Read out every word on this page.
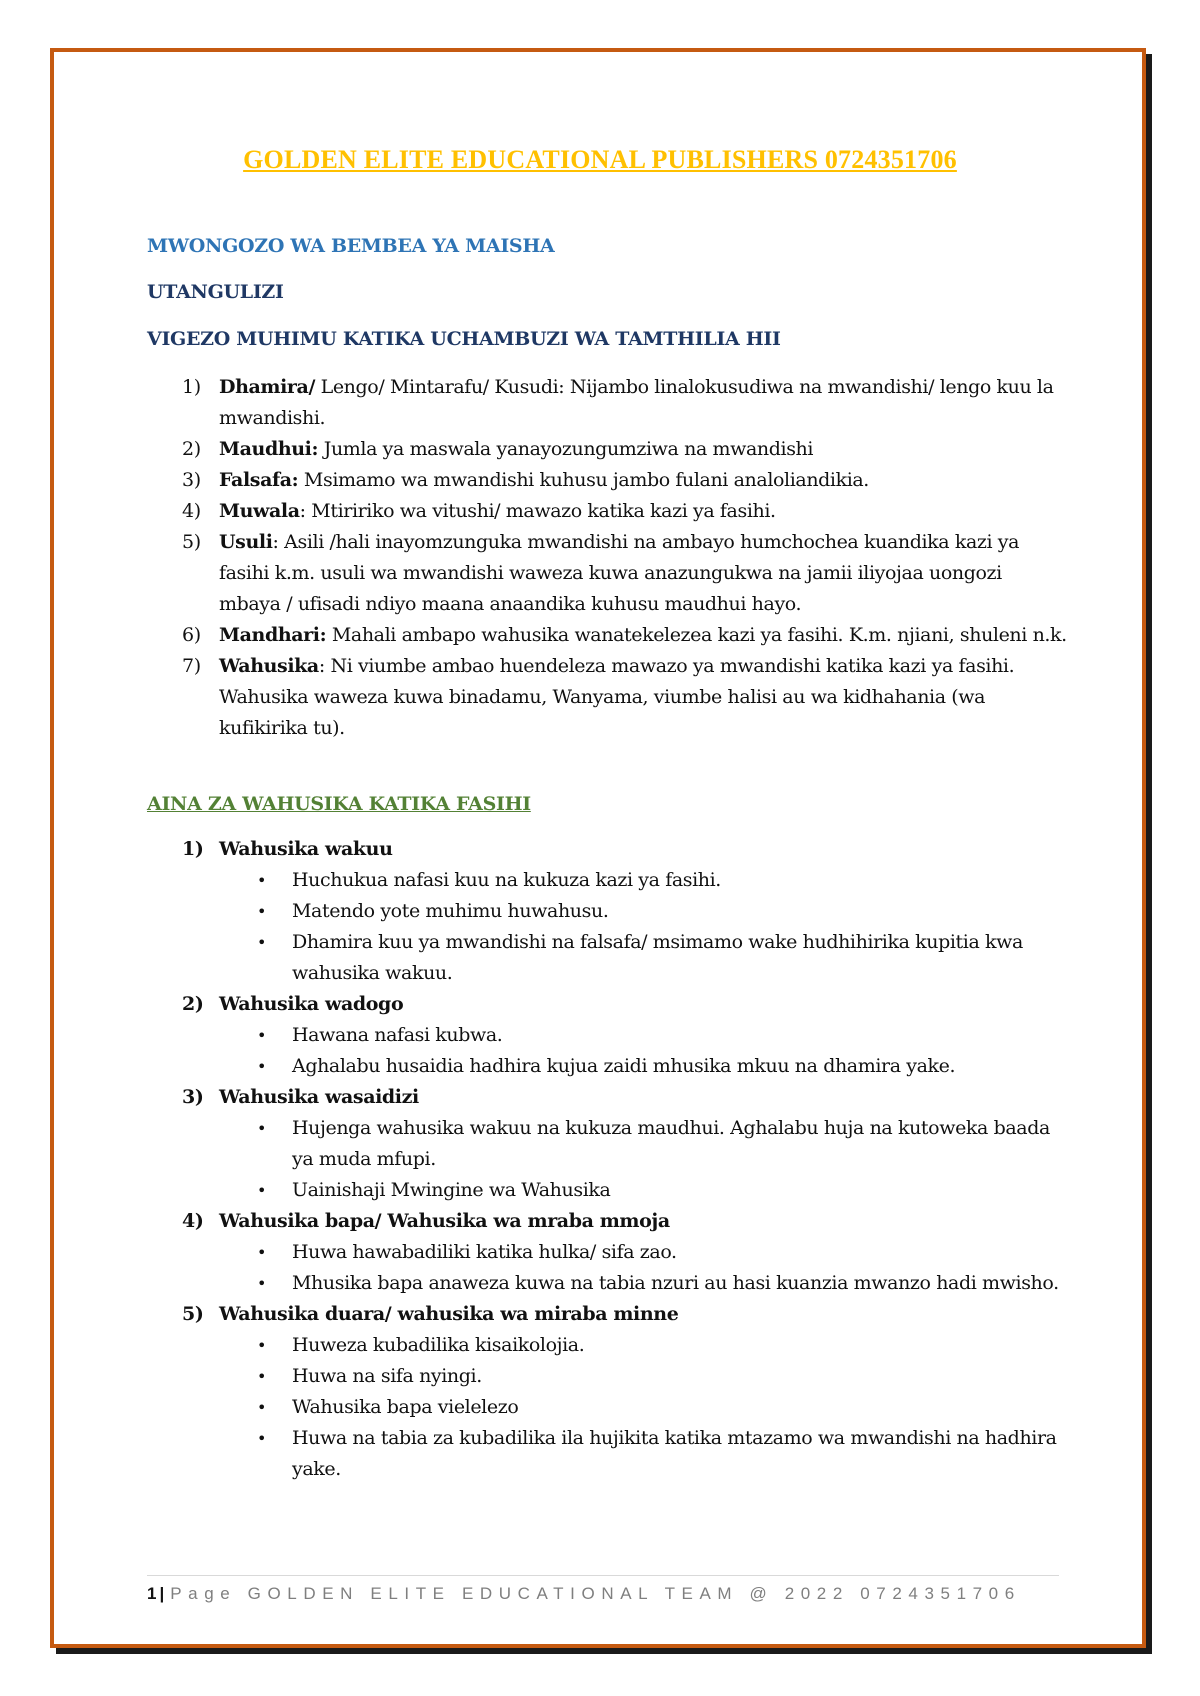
GOLDEN ELITE EDUCATIONAL PUBLISHERS 0724351706
MWONGOZO WA BEMBEA YA MAISHA
UTANGULIZI
VIGEZO MUHIMU KATIKA UCHAMBUZI WA TAMTHILIA HII
1) Dhamira/ Lengo/ Mintarafu/ Kusudi: Nijambo linalokusudiwa na mwandishi/ lengo kuu la mwandishi.
2) Maudhui: Jumla ya maswala yanayozungumziwa na mwandishi
3) Falsafa: Msimamo wa mwandishi kuhusu jambo fulani analoliandikia.
4) Muwala: Mtiririko wa vitushi/ mawazo katika kazi ya fasihi.
5) Usuli: Asili /hali inayomzunguka mwandishi na ambayo humchochea kuandika kazi ya fasihi k.m. usuli wa mwandishi waweza kuwa anazungukwa na jamii iliyojaa uongozi mbaya / ufisadi ndiyo maana anaandika kuhusu maudhui hayo.
6) Mandhari: Mahali ambapo wahusika wanatekelezea kazi ya fasihi. K.m. njiani, shuleni n.k.
7) Wahusika: Ni viumbe ambao huendeleza mawazo ya mwandishi katika kazi ya fasihi. Wahusika waweza kuwa binadamu, Wanyama, viumbe halisi au wa kidhahania (wa kufikirika tu).
AINA ZA WAHUSIKA KATIKA FASIHI
1) Wahusika wakuu
• Huchukua nafasi kuu na kukuza kazi ya fasihi.
• Matendo yote muhimu huwahusu.
• Dhamira kuu ya mwandishi na falsafa/ msimamo wake hudhihirika kupitia kwa wahusika wakuu.
2) Wahusika wadogo
• Hawana nafasi kubwa.
• Aghalabu husaidia hadhira kujua zaidi mhusika mkuu na dhamira yake.
3) Wahusika wasaidizi
• Hujenga wahusika wakuu na kukuza maudhui. Aghalabu huja na kutoweka baada ya muda mfupi.
• Uainishaji Mwingine wa Wahusika
4) Wahusika bapa/ Wahusika wa mraba mmoja
• Huwa hawabadiliki katika hulka/ sifa zao.
• Mhusika bapa anaweza kuwa na tabia nzuri au hasi kuanzia mwanzo hadi mwisho.
5) Wahusika duara/ wahusika wa miraba minne
• Huweza kubadilika kisaikolojia.
• Huwa na sifa nyingi.
• Wahusika bapa vielelezo
• Huwa na tabia za kubadilika ila hujikita katika mtazamo wa mwandishi na hadhira yake.
1 | Page GOLDEN ELITE EDUCATIONAL TEAM @ 2022 0724351706
